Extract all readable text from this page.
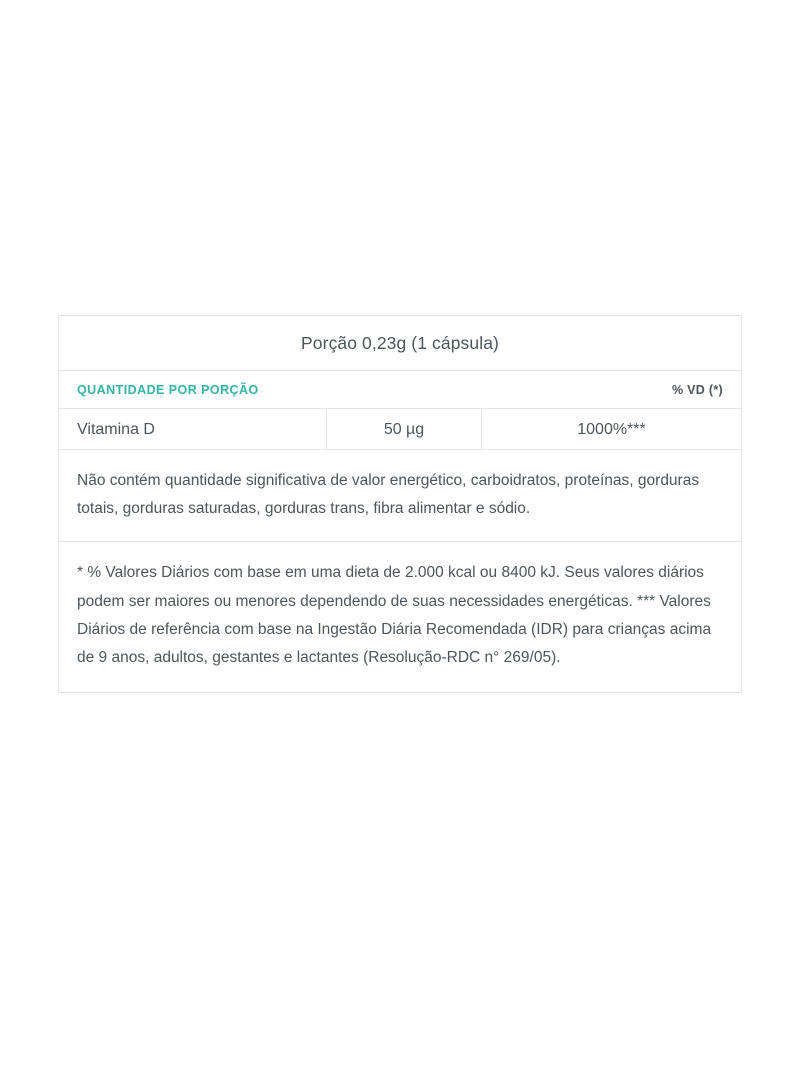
Porção 0,23g (1 cápsula)
QUANTIDADE POR PORÇÃO	% VD (*)
Vitamina D	50 µg	1000%***

Não contém quantidade significativa de valor energético, carboidratos, proteínas, gorduras totais, gorduras saturadas, gorduras trans, fibra alimentar e sódio.

* % Valores Diários com base em uma dieta de 2.000 kcal ou 8400 kJ. Seus valores diários podem ser maiores ou menores dependendo de suas necessidades energéticas. *** Valores Diários de referência com base na Ingestão Diária Recomendada (IDR) para crianças acima de 9 anos, adultos, gestantes e lactantes (Resolução-RDC n° 269/05).
